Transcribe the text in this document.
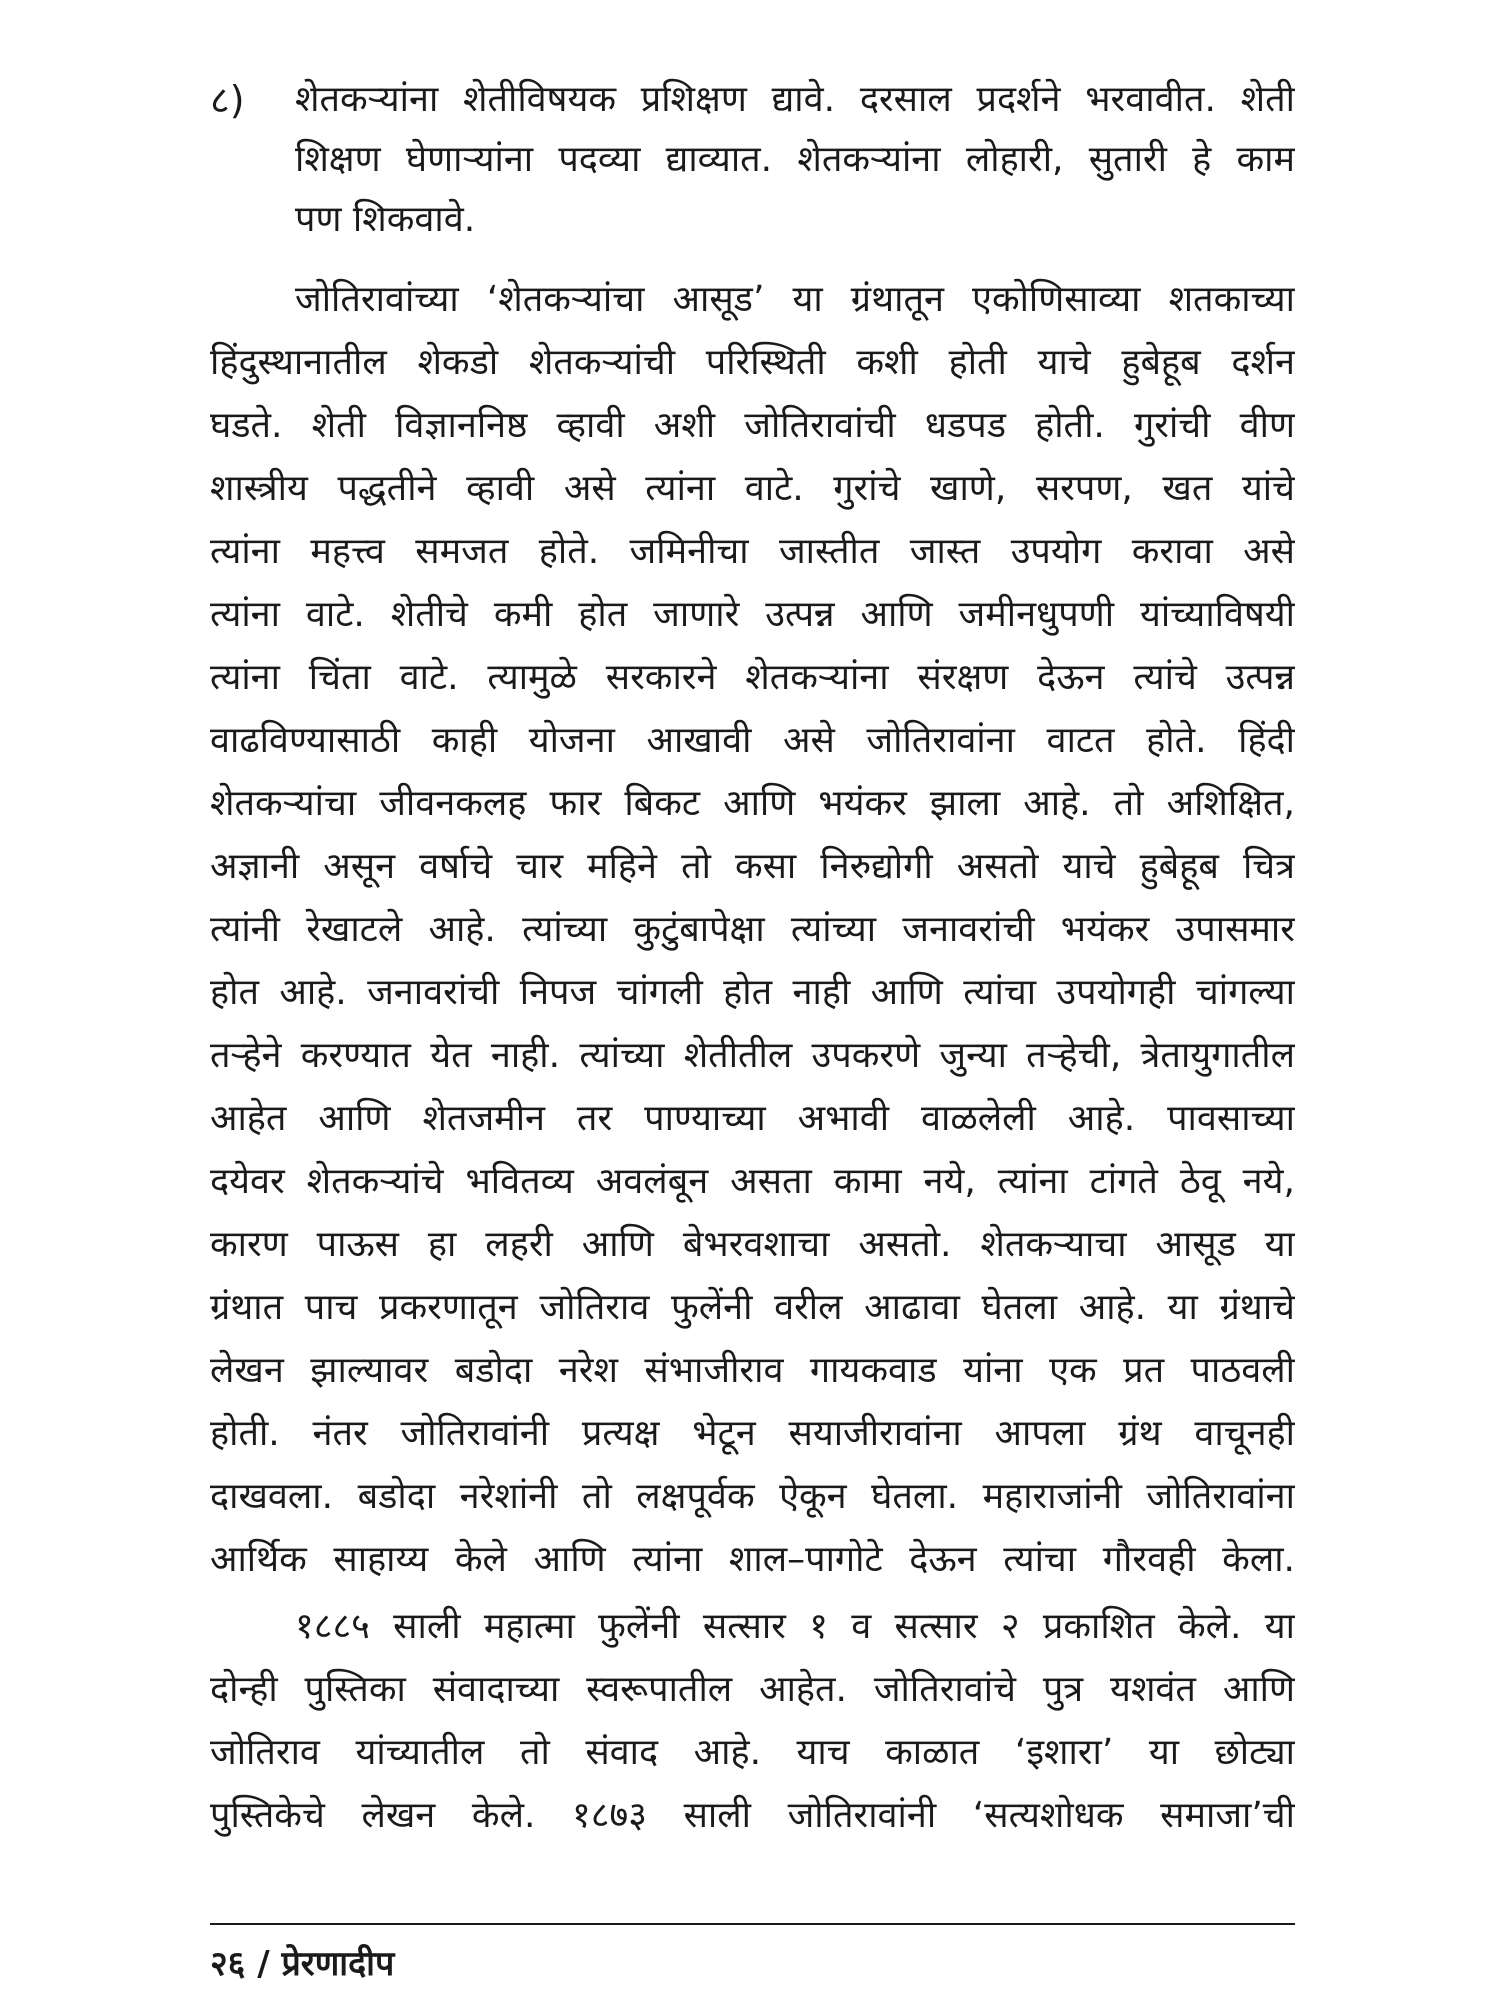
८)	शेतकऱ्यांना शेतीविषयक प्रशिक्षण द्यावे. दरसाल प्रदर्शने भरवावीत. शेती
शिक्षण घेणाऱ्यांना पदव्या द्याव्यात. शेतकऱ्यांना लोहारी, सुतारी हे काम
पण शिकवावे.
जोतिरावांच्या ‘शेतकऱ्यांचा आसूड’ या ग्रंथातून एकोणिसाव्या शतकाच्या
हिंदुस्थानातील शेकडो शेतकऱ्यांची परिस्थिती कशी होती याचे हुबेहूब दर्शन
घडते. शेती विज्ञाननिष्ठ व्हावी अशी जोतिरावांची धडपड होती. गुरांची वीण
शास्त्रीय पद्धतीने व्हावी असे त्यांना वाटे. गुरांचे खाणे, सरपण, खत यांचे
त्यांना महत्त्व समजत होते. जमिनीचा जास्तीत जास्त उपयोग करावा असे
त्यांना वाटे. शेतीचे कमी होत जाणारे उत्पन्न आणि जमीनधुपणी यांच्याविषयी
त्यांना चिंता वाटे. त्यामुळे सरकारने शेतकऱ्यांना संरक्षण देऊन त्यांचे उत्पन्न
वाढविण्यासाठी काही योजना आखावी असे जोतिरावांना वाटत होते. हिंदी
शेतकऱ्यांचा जीवनकलह फार बिकट आणि भयंकर झाला आहे. तो अशिक्षित,
अज्ञानी असून वर्षाचे चार महिने तो कसा निरुद्योगी असतो याचे हुबेहूब चित्र
त्यांनी रेखाटले आहे. त्यांच्या कुटुंबापेक्षा त्यांच्या जनावरांची भयंकर उपासमार
होत आहे. जनावरांची निपज चांगली होत नाही आणि त्यांचा उपयोगही चांगल्या
तऱ्हेने करण्यात येत नाही. त्यांच्या शेतीतील उपकरणे जुन्या तऱ्हेची, त्रेतायुगातील
आहेत आणि शेतजमीन तर पाण्याच्या अभावी वाळलेली आहे. पावसाच्या
दयेवर शेतकऱ्यांचे भवितव्य अवलंबून असता कामा नये, त्यांना टांगते ठेवू नये,
कारण पाऊस हा लहरी आणि बेभरवशाचा असतो. शेतकऱ्याचा आसूड या
ग्रंथात पाच प्रकरणातून जोतिराव फुलेंनी वरील आढावा घेतला आहे. या ग्रंथाचे
लेखन झाल्यावर बडोदा नरेश संभाजीराव गायकवाड यांना एक प्रत पाठवली
होती. नंतर जोतिरावांनी प्रत्यक्ष भेटून सयाजीरावांना आपला ग्रंथ वाचूनही
दाखवला. बडोदा नरेशांनी तो लक्षपूर्वक ऐकून घेतला. महाराजांनी जोतिरावांना
आर्थिक साहाय्य केले आणि त्यांना शाल–पागोटे देऊन त्यांचा गौरवही केला.
१८८५ साली महात्मा फुलेंनी सत्सार १ व सत्सार २ प्रकाशित केले. या
दोन्ही पुस्तिका संवादाच्या स्वरूपातील आहेत. जोतिरावांचे पुत्र यशवंत आणि
जोतिराव यांच्यातील तो संवाद आहे. याच काळात ‘इशारा’ या छोट्या
पुस्तिकेचे लेखन केले. १८७३ साली जोतिरावांनी ‘सत्यशोधक समाजा’ची
२६ / प्रेरणादीप
